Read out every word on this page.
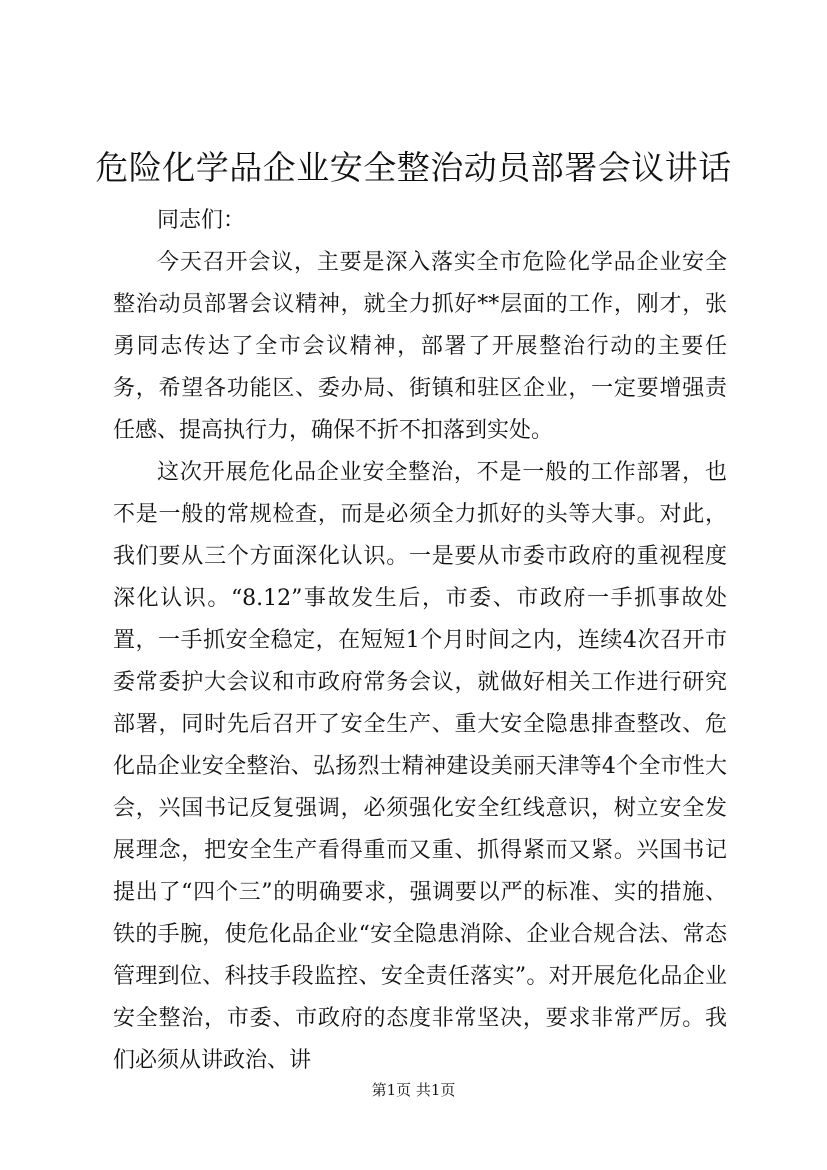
危险化学品企业安全整治动员部署会议讲话

同志们：

今天召开会议，主要是深入落实全市危险化学品企业安全整治动员部署会议精神，就全力抓好**层面的工作，刚才，张勇同志传达了全市会议精神，部署了开展整治行动的主要任务，希望各功能区、委办局、街镇和驻区企业，一定要增强责任感、提高执行力，确保不折不扣落到实处。

这次开展危化品企业安全整治，不是一般的工作部署，也不是一般的常规检查，而是必须全力抓好的头等大事。对此，我们要从三个方面深化认识。一是要从市委市政府的重视程度深化认识。“8.12”事故发生后，市委、市政府一手抓事故处置，一手抓安全稳定，在短短1个月时间之内，连续4次召开市委常委护大会议和市政府常务会议，就做好相关工作进行研究部署，同时先后召开了安全生产、重大安全隐患排查整改、危化品企业安全整治、弘扬烈士精神建设美丽天津等4个全市性大会，兴国书记反复强调，必须强化安全红线意识，树立安全发展理念，把安全生产看得重而又重、抓得紧而又紧。兴国书记提出了“四个三”的明确要求，强调要以严的标准、实的措施、铁的手腕，使危化品企业“安全隐患消除、企业合规合法、常态管理到位、科技手段监控、安全责任落实”。对开展危化品企业安全整治，市委、市政府的态度非常坚决，要求非常严厉。我们必须从讲政治、讲

第1页 共1页
